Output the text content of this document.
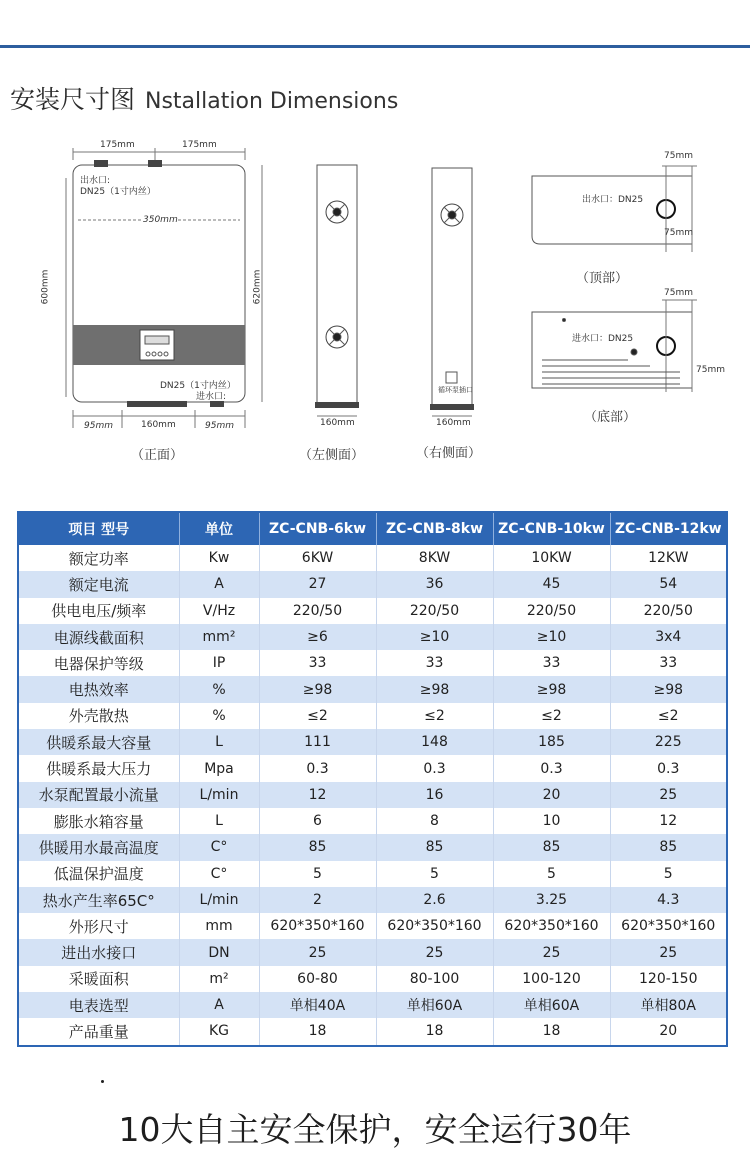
安装尺寸图 Nstallation Dimensions
175mm	175mm
出水口:
DN25（1寸内丝）
350mm
600mm	620mm
DN25（1寸内丝）
进水口:
95mm	160mm	95mm
（正面）
160mm
（左侧面）
循环泵插口
160mm
（右侧面）
75mm
出水口：DN25
75mm
（顶部）
75mm
进水口：DN25
75mm
（底部）
项目 型号	单位	ZC-CNB-6kw	ZC-CNB-8kw	ZC-CNB-10kw	ZC-CNB-12kw
额定功率	Kw	6KW	8KW	10KW	12KW
额定电流	A	27	36	45	54
供电电压/频率	V/Hz	220/50	220/50	220/50	220/50
电源线截面积	mm²	≥6	≥10	≥10	3x4
电器保护等级	IP	33	33	33	33
电热效率	%	≥98	≥98	≥98	≥98
外壳散热	%	≤2	≤2	≤2	≤2
供暖系最大容量	L	111	148	185	225
供暖系最大压力	Mpa	0.3	0.3	0.3	0.3
水泵配置最小流量	L/min	12	16	20	25
膨胀水箱容量	L	6	8	10	12
供暖用水最高温度	C°	85	85	85	85
低温保护温度	C°	5	5	5	5
热水产生率65C°	L/min	2	2.6	3.25	4.3
外形尺寸	mm	620*350*160	620*350*160	620*350*160	620*350*160
进出水接口	DN	25	25	25	25
采暖面积	m²	60-80	80-100	100-120	120-150
电表选型	A	单相40A	单相60A	单相60A	单相80A
产品重量	KG	18	18	18	20
10大自主安全保护，安全运行30年
